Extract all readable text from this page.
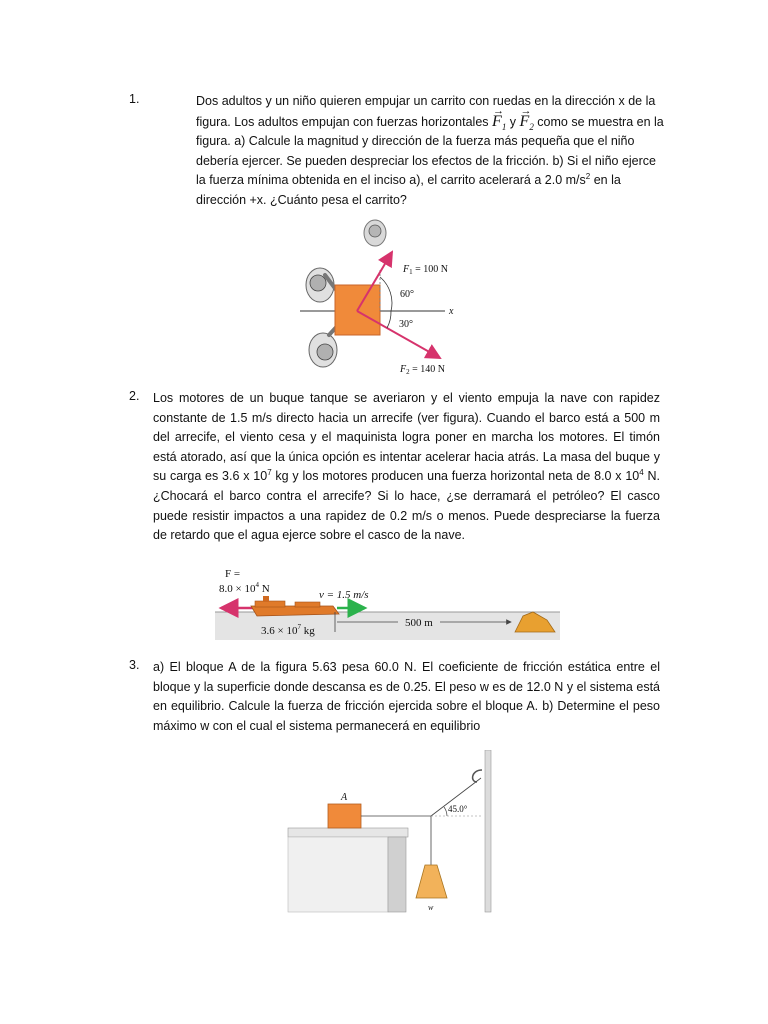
1.	Dos adultos y un niño quieren empujar un carrito con ruedas en la dirección x de la figura. Los adultos empujan con fuerzas horizontales → $F_1$ $y \to F_2$ como se muestra en la figura. a) Calcule la magnitud y dirección de la fuerza más pequeña que el niño debería ejercer. Se pueden despreciar los efectos de la fricción. b) Si el niño ejerce la fuerza mínima obtenida en el inciso a), el carrito acelerará a 2.0 $m/s^2$ en la dirección +x. ¿Cuánto pesa el carrito?
$F_1 = 100$ N
60°
30°
x
$F_2 = 140$ N
2. Los motores de un buque tanque se averiaron y el viento empuja la nave con rapidez constante de 1.5 m/s directo hacia un arrecife (ver figura). Cuando el barco está a 500 m del arrecife, el viento cesa y el maquinista logra poner en marcha los motores. El timón está atorado, así que la única opción es intentar acelerar hacia atrás. La masa del buque y su carga es 3.6 x $10^7$ kg y los motores producen una fuerza horizontal neta de 8.0 x $10^4$ N. ¿Chocará el barco contra el arrecife? Si lo hace, ¿se derramará el petróleo? El casco puede resistir impactos a una rapidez de 0.2 m/s o menos. Puede despreciarse la fuerza de retardo que el agua ejerce sobre el casco de la nave.
F =
$8.0 \times 10^4$ N	v = 1.5 m/s
$3.6 \times 10^7$ kg
500 m
3. a) El bloque A de la figura 5.63 pesa 60.0 N. El coeficiente de fricción estática entre el bloque y la superficie donde descansa es de 0.25. El peso w es de 12.0 N y el sistema está en equilibrio. Calcule la fuerza de fricción ejercida sobre el bloque A. b) Determine el peso máximo w con el cual el sistema permanecerá en equilibrio
A
45.0°
w
